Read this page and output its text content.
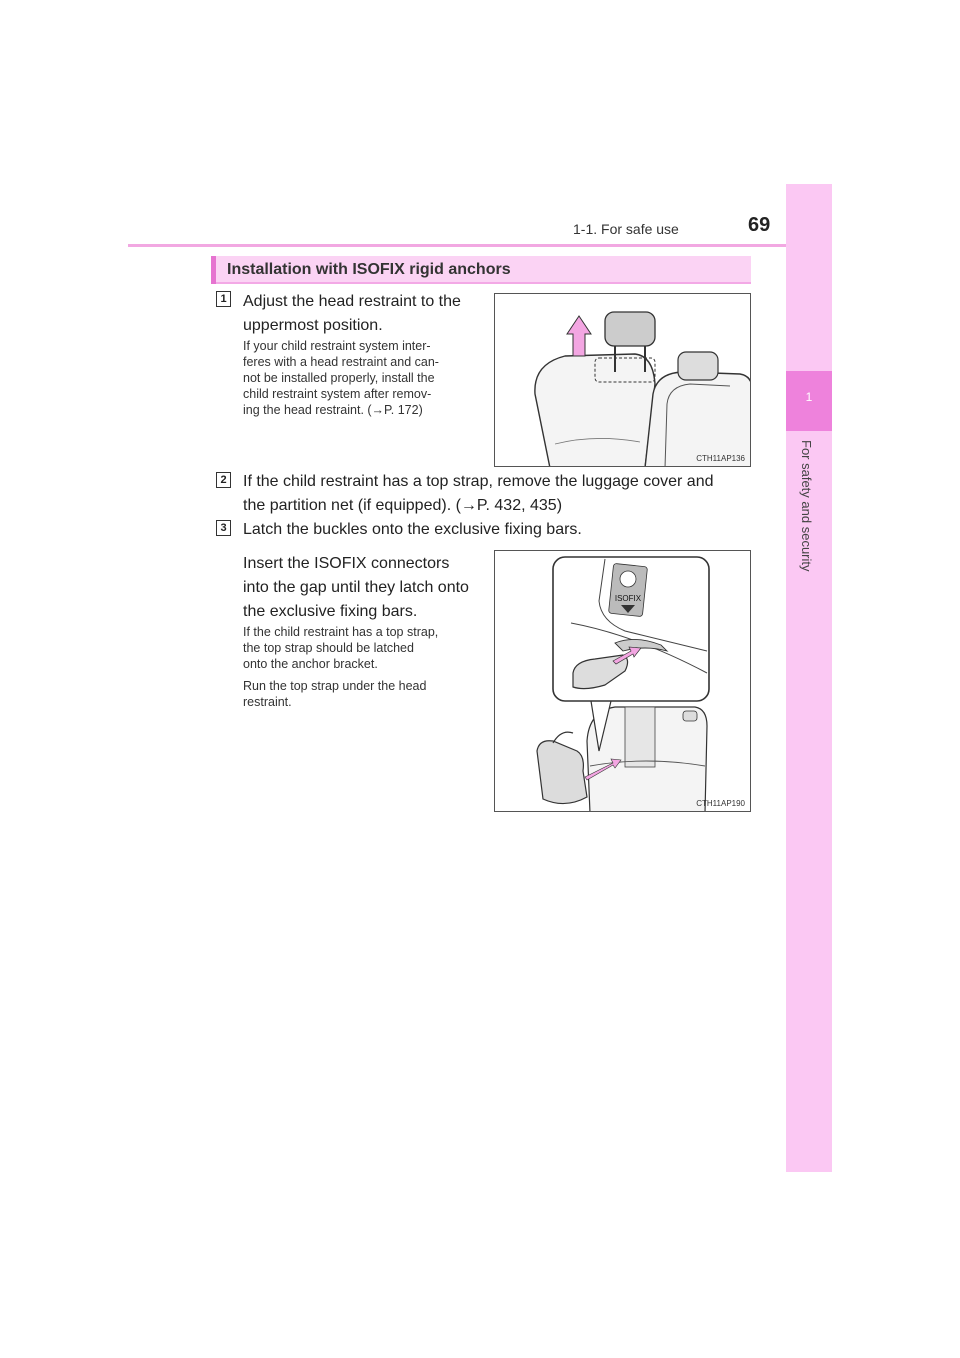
1-1. For safe use	69
1
For safety and security
Installation with ISOFIX rigid anchors
1 Adjust the head restraint to the
uppermost position.
If your child restraint system inter-
feres with a head restraint and can-
not be installed properly, install the
child restraint system after remov-
ing the head restraint. (→P. 172)
CTH11AP136
2 If the child restraint has a top strap, remove the luggage cover and
the partition net (if equipped). (→P. 432, 435)
3 Latch the buckles onto the exclusive fixing bars.
Insert the ISOFIX connectors
into the gap until they latch onto
the exclusive fixing bars.
If the child restraint has a top strap,
the top strap should be latched
onto the anchor bracket.
Run the top strap under the head
restraint.
ISOFIX
CTH11AP190
